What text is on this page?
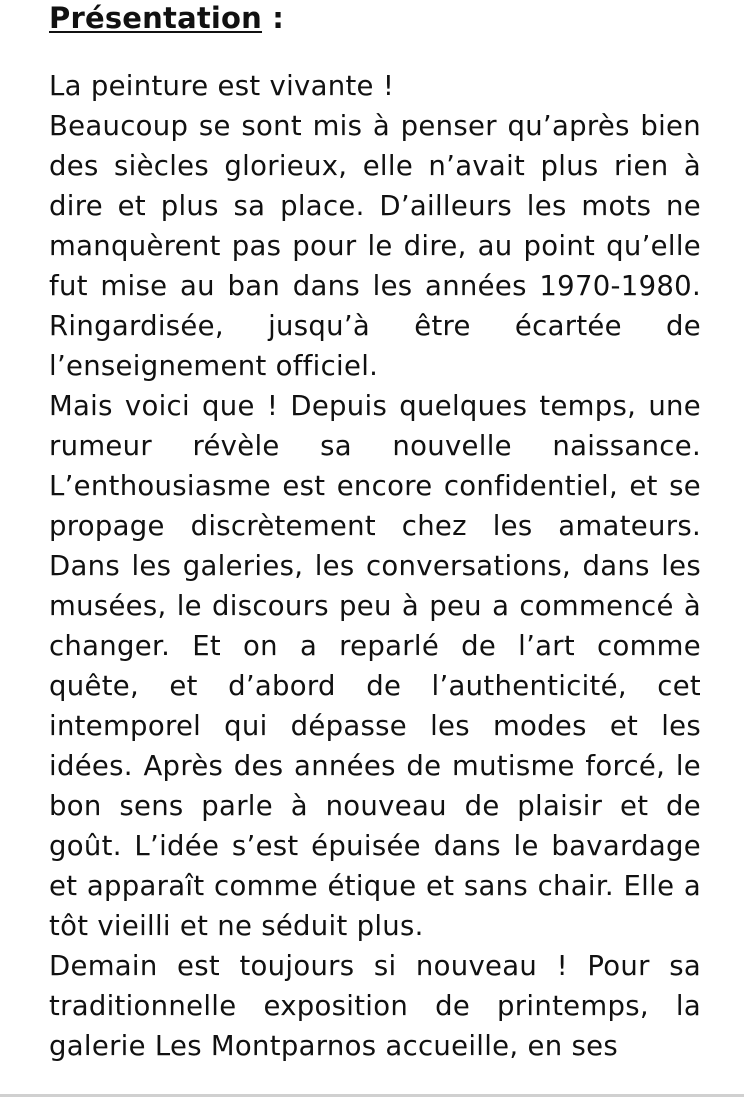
Présentation :

La peinture est vivante !

Beaucoup se sont mis à penser qu’après bien des siècles glorieux, elle n’avait plus rien à dire et plus sa place. D’ailleurs les mots ne manquèrent pas pour le dire, au point qu’elle fut mise au ban dans les années 1970-1980. Ringardisée, jusqu’à être écartée de l’enseignement officiel.

Mais voici que ! Depuis quelques temps, une rumeur révèle sa nouvelle naissance. L’enthousiasme est encore confidentiel, et se propage discrètement chez les amateurs. Dans les galeries, les conversations, dans les musées, le discours peu à peu a commencé à changer. Et on a reparlé de l’art comme quête, et d’abord de l’authenticité, cet intemporel qui dépasse les modes et les idées. Après des années de mutisme forcé, le bon sens parle à nouveau de plaisir et de goût. L’idée s’est épuisée dans le bavardage et apparaît comme étique et sans chair. Elle a tôt vieilli et ne séduit plus.

Demain est toujours si nouveau ! Pour sa traditionnelle exposition de printemps, la galerie Les Montparnos accueille, en ses
